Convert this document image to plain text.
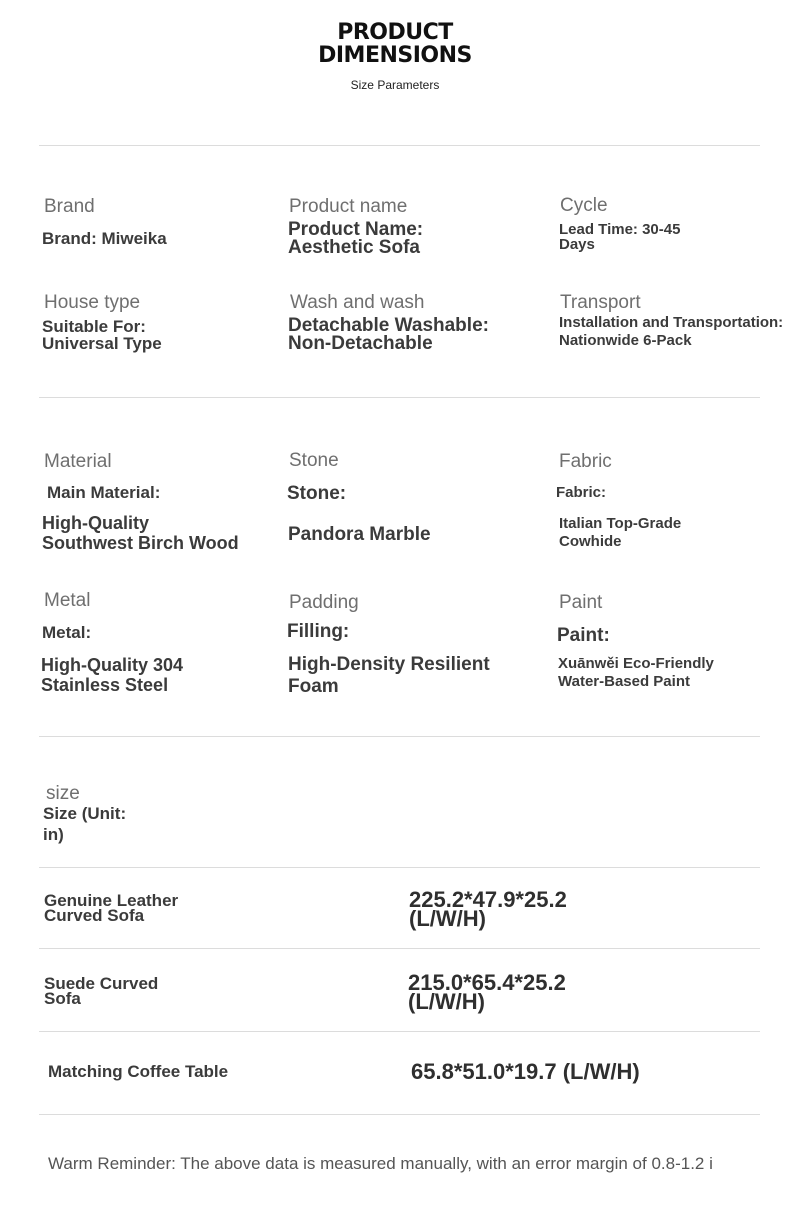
PRODUCT
DIMENSIONS
Size Parameters
Brand
Brand: Miweika
Product name
Product Name:
Aesthetic Sofa
Cycle
Lead Time: 30-45
Days
House type
Suitable For:
Universal Type
Wash and wash
Detachable Washable:
Non-Detachable
Transport
Installation and Transportation:
Nationwide 6-Pack
Material
Main Material:
High-Quality
Southwest Birch Wood
Stone
Stone:
Pandora Marble
Fabric
Fabric:
Italian Top-Grade
Cowhide
Metal
Metal:
High-Quality 304
Stainless Steel
Padding
Filling:
High-Density Resilient
Foam
Paint
Paint:
Xuānwěi Eco-Friendly
Water-Based Paint
size
Size (Unit:
in)
Genuine Leather
Curved Sofa
225.2*47.9*25.2
(L/W/H)
Suede Curved
Sofa
215.0*65.4*25.2
(L/W/H)
Matching Coffee Table	65.8*51.0*19.7 (L/W/H)
Warm Reminder: The above data is measured manually, with an error margin of 0.8-1.2 i
